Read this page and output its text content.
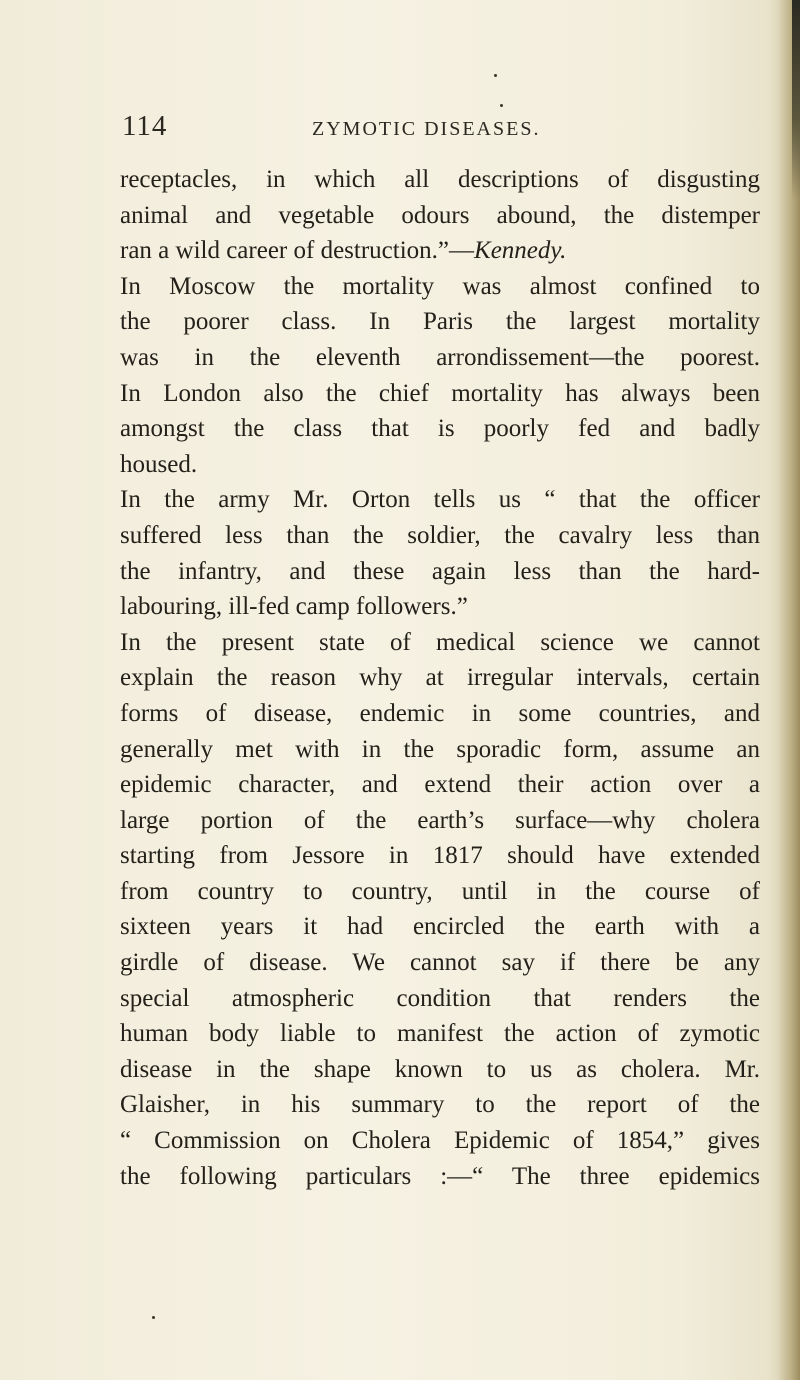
114	ZYMOTIC DISEASES.
receptacles, in which all descriptions of disgusting
animal and vegetable odours abound, the distemper
ran a wild career of destruction.”—Kennedy.
In Moscow the mortality was almost confined to
the poorer class. In Paris the largest mortality
was in the eleventh arrondissement—the poorest.
In London also the chief mortality has always been
amongst the class that is poorly fed and badly
housed.
In the army Mr. Orton tells us “ that the officer
suffered less than the soldier, the cavalry less than
the infantry, and these again less than the hard-
labouring, ill-fed camp followers.”
In the present state of medical science we cannot
explain the reason why at irregular intervals, certain
forms of disease, endemic in some countries, and
generally met with in the sporadic form, assume an
epidemic character, and extend their action over a
large portion of the earth’s surface—why cholera
starting from Jessore in 1817 should have extended
from country to country, until in the course of
sixteen years it had encircled the earth with a
girdle of disease. We cannot say if there be any
special atmospheric condition that renders the
human body liable to manifest the action of zymotic
disease in the shape known to us as cholera. Mr.
Glaisher, in his summary to the report of the
“ Commission on Cholera Epidemic of 1854,” gives
the following particulars :—“ The three epidemics
